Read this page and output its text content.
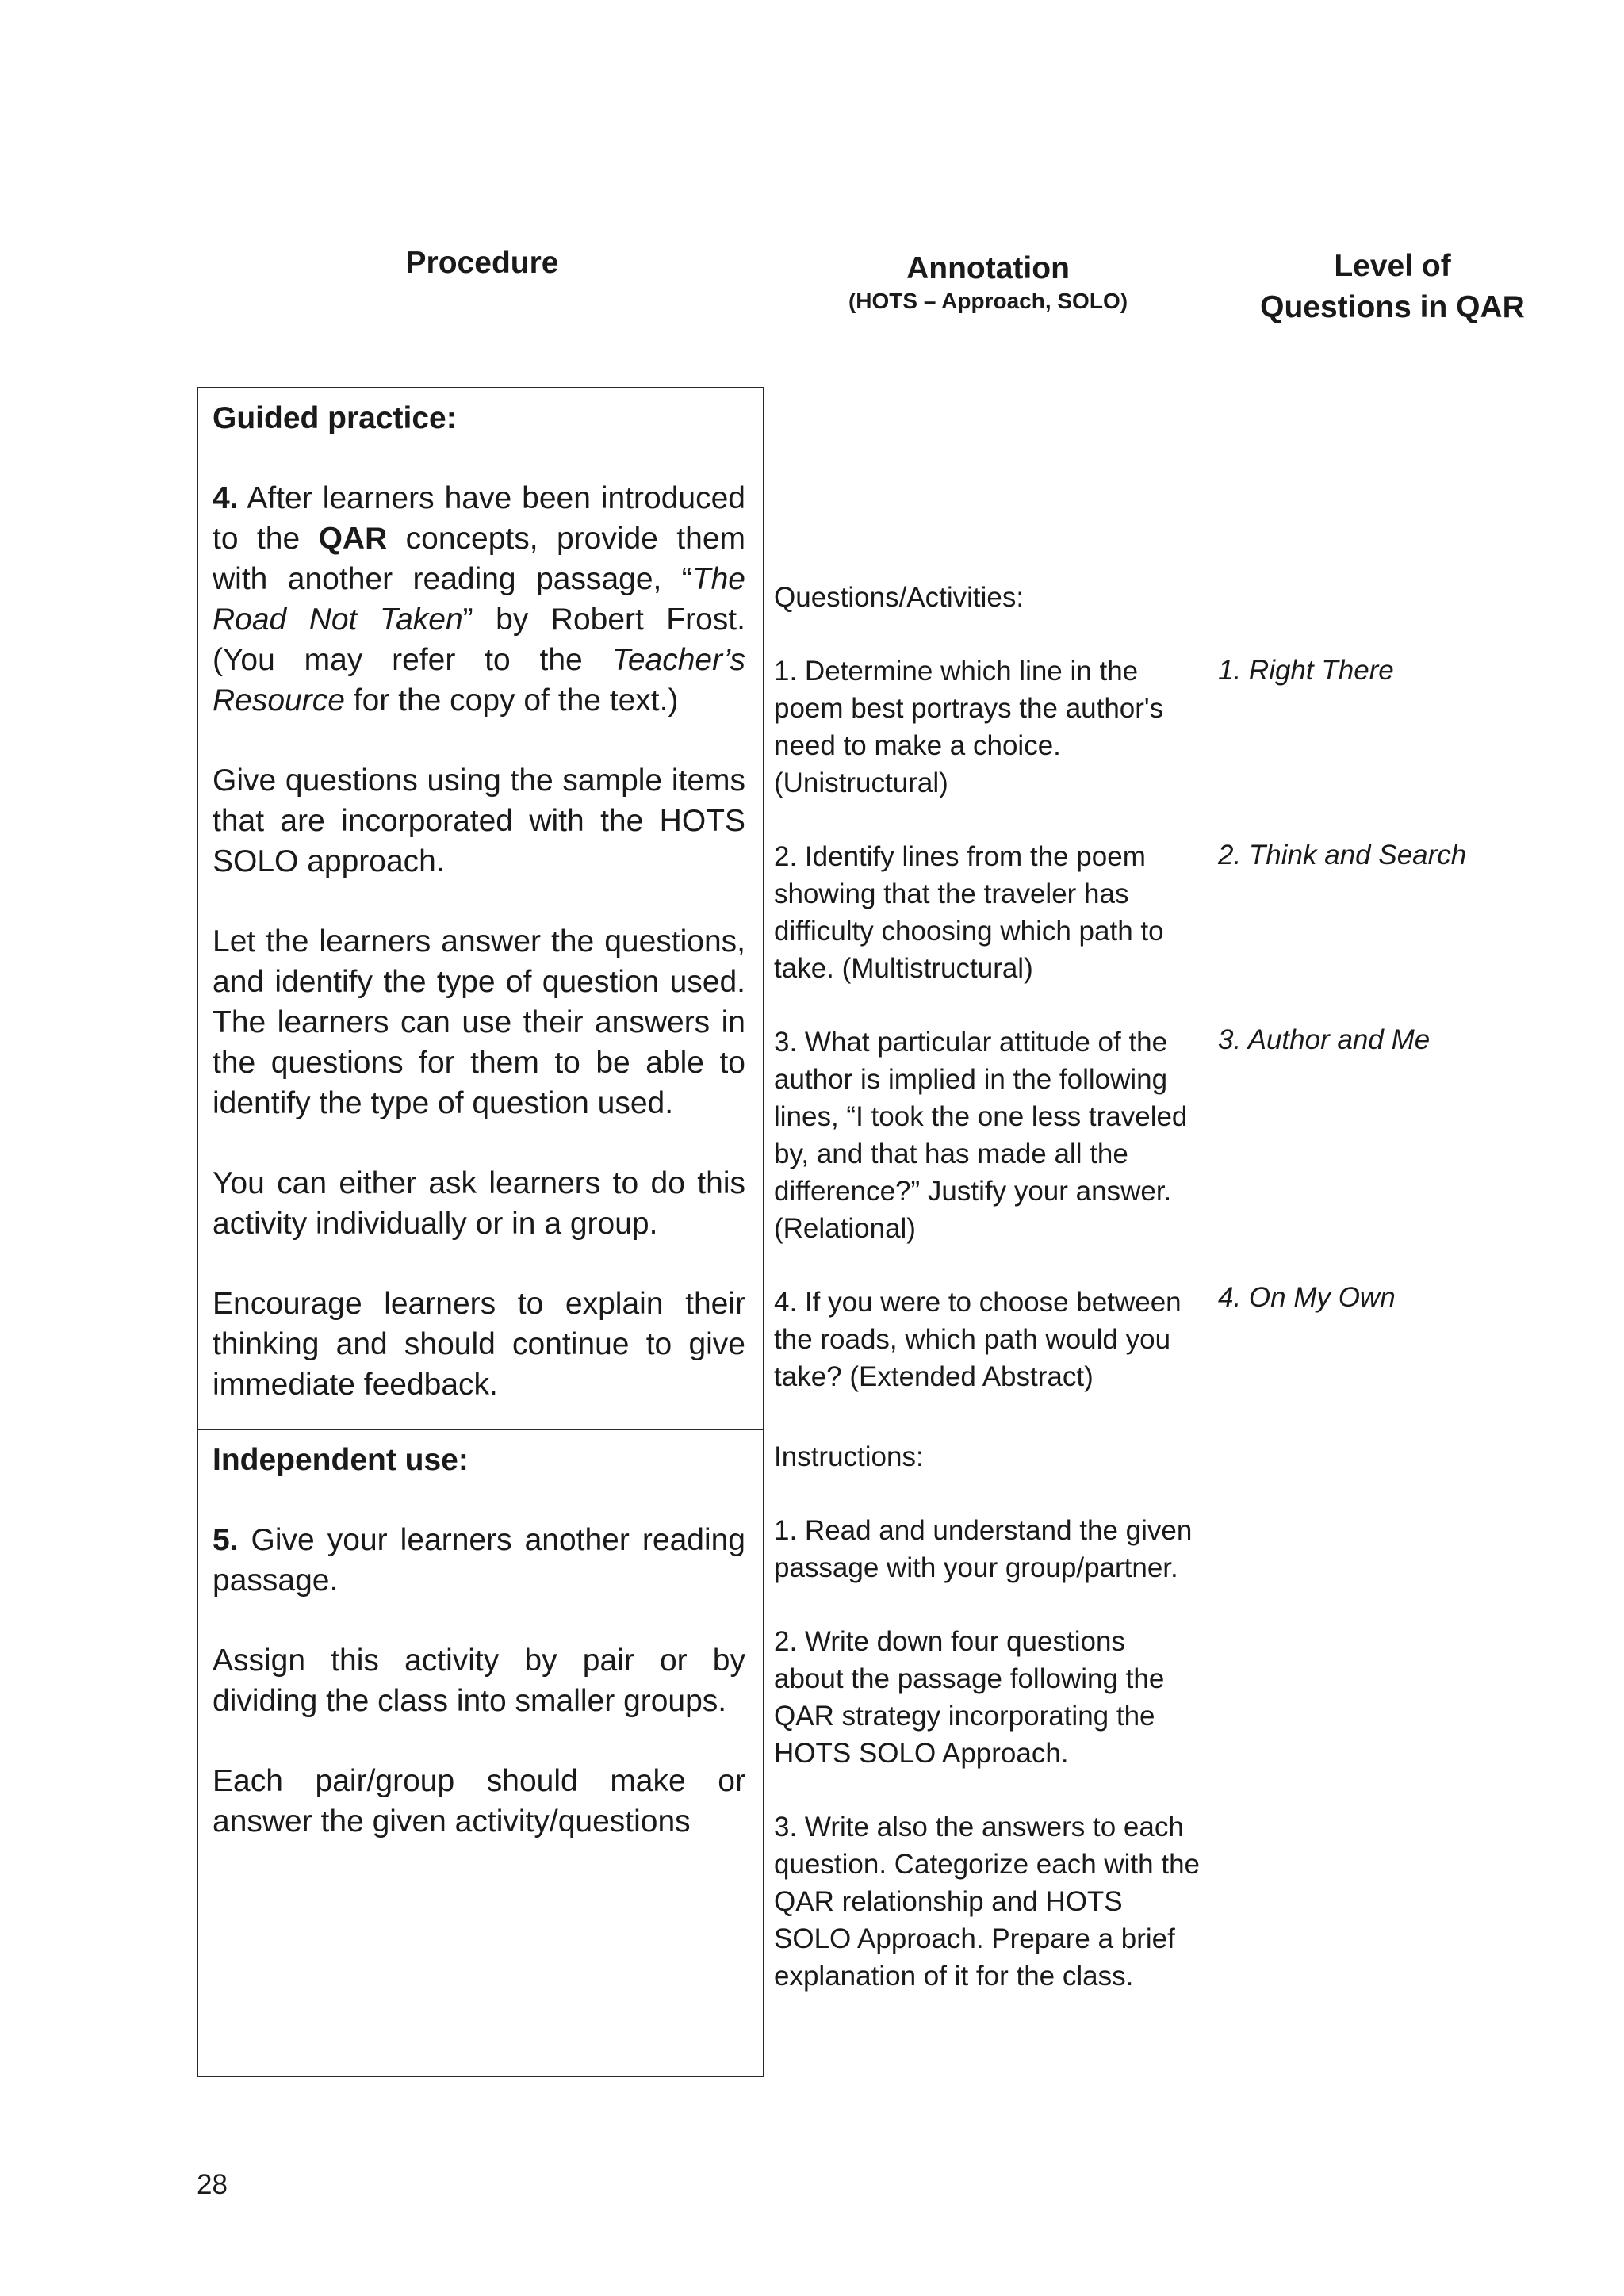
Procedure	Annotation
(HOTS – Approach, SOLO)
Level of
Questions in QAR

Guided practice:

4. After learners have been introduced to the QAR concepts, provide them with another reading passage, “The Road Not Taken” by Robert Frost. (You may refer to the Teacher’s Resource for the copy of the text.)

Give questions using the sample items that are incorporated with the HOTS SOLO approach.

Let the learners answer the questions, and identify the type of question used. The learners can use their answers in the questions for them to be able to identify the type of question used.

You can either ask learners to do this activity individually or in a group.

Encourage learners to explain their thinking and should continue to give immediate feedback.

Independent use:

5. Give your learners another reading passage.

Assign this activity by pair or by dividing the class into smaller groups.

Each pair/group should make or answer the given activity/questions

Questions/Activities:

1. Determine which line in the poem best portrays the author's need to make a choice. (Unistructural)

2. Identify lines from the poem showing that the traveler has difficulty choosing which path to take. (Multistructural)

3. What particular attitude of the author is implied in the following lines, “I took the one less traveled by, and that has made all the difference?” Justify your answer. (Relational)

4. If you were to choose between the roads, which path would you take? (Extended Abstract)

1. Right There
2. Think and Search
3. Author and Me
4. On My Own

Instructions:

1. Read and understand the given passage with your group/partner.

2. Write down four questions about the passage following the QAR strategy incorporating the HOTS SOLO Approach.

3. Write also the answers to each question. Categorize each with the QAR relationship and HOTS SOLO Approach. Prepare a brief explanation of it for the class.

28
